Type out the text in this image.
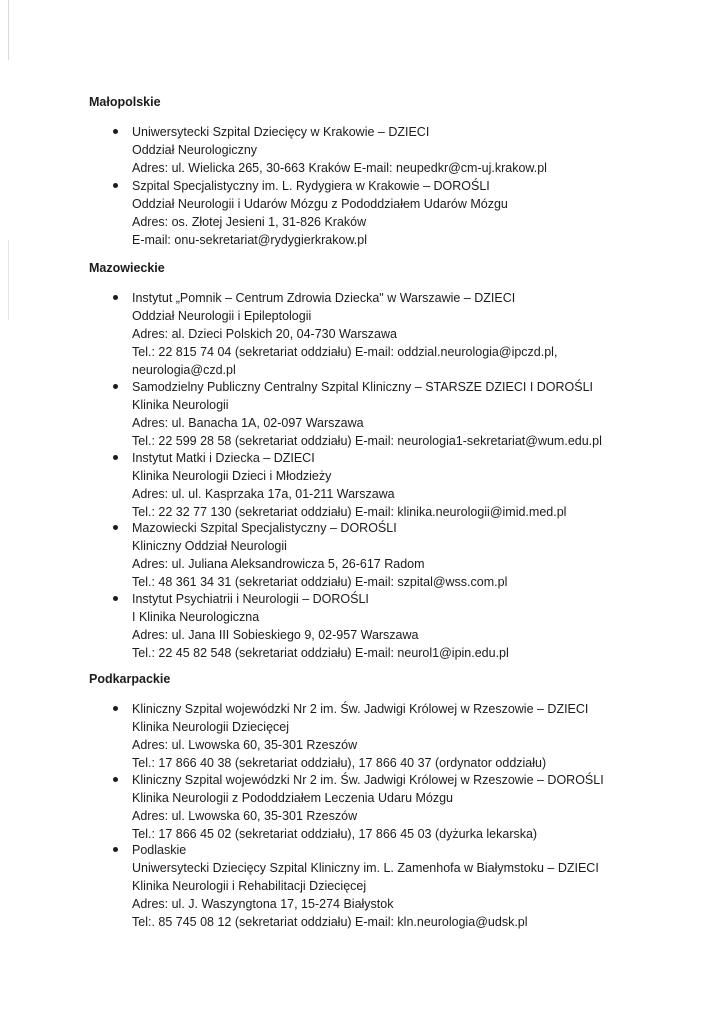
Małopolskie
Uniwersytecki Szpital Dziecięcy w Krakowie – DZIECI
Oddział Neurologiczny
Adres: ul. Wielicka 265, 30-663 Kraków E-mail: neupedkr@cm-uj.krakow.pl
Szpital Specjalistyczny im. L. Rydygiera w Krakowie – DOROŚLI
Oddział Neurologii i Udarów Mózgu z Pododdziałem Udarów Mózgu
Adres: os. Złotej Jesieni 1, 31-826 Kraków
E-mail: onu-sekretariat@rydygierkrakow.pl
Mazowieckie
Instytut „Pomnik – Centrum Zdrowia Dziecka" w Warszawie – DZIECI
Oddział Neurologii i Epileptologii
Adres: al. Dzieci Polskich 20, 04-730 Warszawa
Tel.: 22 815 74 04 (sekretariat oddziału) E-mail: oddzial.neurologia@ipczd.pl,
neurologia@czd.pl
Samodzielny Publiczny Centralny Szpital Kliniczny – STARSZE DZIECI I DOROŚLI
Klinika Neurologii
Adres: ul. Banacha 1A, 02-097 Warszawa
Tel.: 22 599 28 58 (sekretariat oddziału) E-mail: neurologia1-sekretariat@wum.edu.pl
Instytut Matki i Dziecka – DZIECI
Klinika Neurologii Dzieci i Młodzieży
Adres: ul. ul. Kasprzaka 17a, 01-211 Warszawa
Tel.: 22 32 77 130 (sekretariat oddziału) E-mail: klinika.neurologii@imid.med.pl
Mazowiecki Szpital Specjalistyczny – DOROŚLI
Kliniczny Oddział Neurologii
Adres: ul. Juliana Aleksandrowicza 5, 26-617 Radom
Tel.: 48 361 34 31 (sekretariat oddziału) E-mail: szpital@wss.com.pl
Instytut Psychiatrii i Neurologii – DOROŚLI
I Klinika Neurologiczna
Adres: ul. Jana III Sobieskiego 9, 02-957 Warszawa
Tel.: 22 45 82 548 (sekretariat oddziału) E-mail: neurol1@ipin.edu.pl
Podkarpackie
Kliniczny Szpital wojewódzki Nr 2 im. Św. Jadwigi Królowej w Rzeszowie – DZIECI
Klinika Neurologii Dziecięcej
Adres: ul. Lwowska 60, 35-301 Rzeszów
Tel.: 17 866 40 38 (sekretariat oddziału), 17 866 40 37 (ordynator oddziału)
Kliniczny Szpital wojewódzki Nr 2 im. Św. Jadwigi Królowej w Rzeszowie – DOROŚLI
Klinika Neurologii z Pododdziałem Leczenia Udaru Mózgu
Adres: ul. Lwowska 60, 35-301 Rzeszów
Tel.: 17 866 45 02 (sekretariat oddziału), 17 866 45 03 (dyżurka lekarska)
Podlaskie
Uniwersytecki Dziecięcy Szpital Kliniczny im. L. Zamenhofa w Białymstoku – DZIECI
Klinika Neurologii i Rehabilitacji Dziecięcej
Adres: ul. J. Waszyngtona 17, 15-274 Białystok
Tel:. 85 745 08 12 (sekretariat oddziału) E-mail: kln.neurologia@udsk.pl
